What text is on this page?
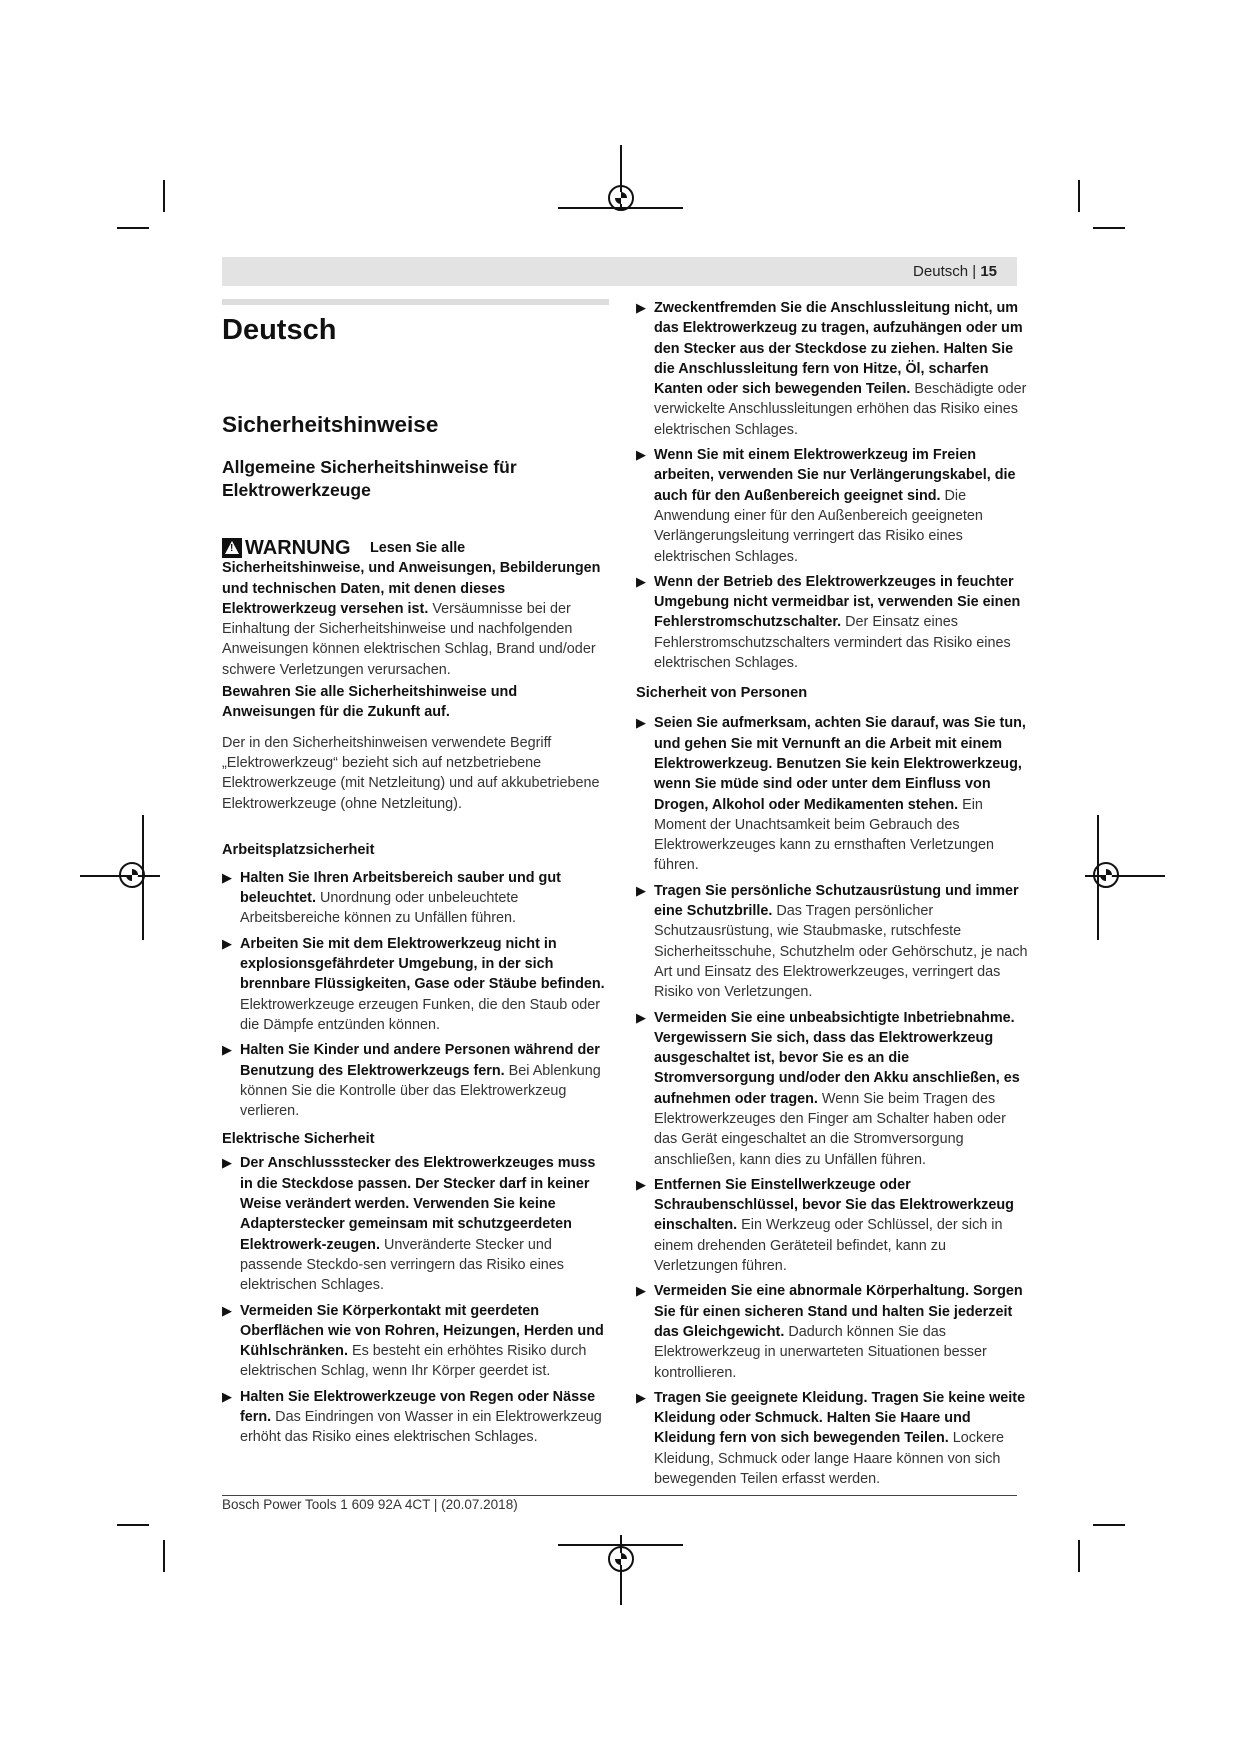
Deutsch | 15
Deutsch
Sicherheitshinweise
Allgemeine Sicherheitshinweise für Elektrowerkzeuge
!
WARNUNG	Lesen Sie alle Sicherheitshinweise, und Anweisungen, Bebilderungen und technischen Daten, mit denen dieses Elektrowerkzeug versehen ist. Versäumnisse bei der Einhaltung der Sicherheitshinweise und nachfolgenden Anweisungen können elektrischen Schlag, Brand und/oder schwere Verletzungen verursachen.

Bewahren Sie alle Sicherheitshinweise und Anweisungen für die Zukunft auf.

Der in den Sicherheitshinweisen verwendete Begriff „Elektrowerkzeug“ bezieht sich auf netzbetriebene Elektrowerkzeuge (mit Netzleitung) und auf akkubetriebene Elektrowerkzeuge (ohne Netzleitung).

Arbeitsplatzsicherheit
▶ Halten Sie Ihren Arbeitsbereich sauber und gut beleuchtet. Unordnung oder unbeleuchtete Arbeitsbereiche können zu Unfällen führen.
▶ Arbeiten Sie mit dem Elektrowerkzeug nicht in explosionsgefährdeter Umgebung, in der sich brennbare Flüssigkeiten, Gase oder Stäube befinden. Elektrowerkzeuge erzeugen Funken, die den Staub oder die Dämpfe entzünden können.
▶ Halten Sie Kinder und andere Personen während der Benutzung des Elektrowerkzeugs fern. Bei Ablenkung können Sie die Kontrolle über das Elektrowerkzeug verlieren.
Elektrische Sicherheit
▶ Der Anschlussstecker des Elektrowerkzeuges muss in die Steckdose passen. Der Stecker darf in keiner Weise verändert werden. Verwenden Sie keine Adapterstecker gemeinsam mit schutzgeerdeten Elektrowerk-zeugen. Unveränderte Stecker und passende Steckdo-sen verringern das Risiko eines elektrischen Schlages.
▶ Vermeiden Sie Körperkontakt mit geerdeten Oberflächen wie von Rohren, Heizungen, Herden und Kühlschränken. Es besteht ein erhöhtes Risiko durch elektrischen Schlag, wenn Ihr Körper geerdet ist.
▶ Halten Sie Elektrowerkzeuge von Regen oder Nässe fern. Das Eindringen von Wasser in ein Elektrowerkzeug erhöht das Risiko eines elektrischen Schlages.
▶ Zweckentfremden Sie die Anschlussleitung nicht, um das Elektrowerkzeug zu tragen, aufzuhängen oder um den Stecker aus der Steckdose zu ziehen. Halten Sie die Anschlussleitung fern von Hitze, Öl, scharfen Kanten oder sich bewegenden Teilen. Beschädigte oder verwickelte Anschlussleitungen erhöhen das Risiko eines elektrischen Schlages.
▶ Wenn Sie mit einem Elektrowerkzeug im Freien arbeiten, verwenden Sie nur Verlängerungskabel, die auch für den Außenbereich geeignet sind. Die Anwendung einer für den Außenbereich geeigneten Verlängerungsleitung verringert das Risiko eines elektrischen Schlages.
▶ Wenn der Betrieb des Elektrowerkzeuges in feuchter Umgebung nicht vermeidbar ist, verwenden Sie einen Fehlerstromschutzschalter. Der Einsatz eines Fehlerstromschutzschalters vermindert das Risiko eines elektrischen Schlages.
Sicherheit von Personen
▶ Seien Sie aufmerksam, achten Sie darauf, was Sie tun, und gehen Sie mit Vernunft an die Arbeit mit einem Elektrowerkzeug. Benutzen Sie kein Elektrowerkzeug, wenn Sie müde sind oder unter dem Einfluss von Drogen, Alkohol oder Medikamenten stehen. Ein Moment der Unachtsamkeit beim Gebrauch des Elektrowerkzeuges kann zu ernsthaften Verletzungen führen.
▶ Tragen Sie persönliche Schutzausrüstung und immer eine Schutzbrille. Das Tragen persönlicher Schutzausrüstung, wie Staubmaske, rutschfeste Sicherheitsschuhe, Schutzhelm oder Gehörschutz, je nach Art und Einsatz des Elektrowerkzeuges, verringert das Risiko von Verletzungen.
▶ Vermeiden Sie eine unbeabsichtigte Inbetriebnahme. Vergewissern Sie sich, dass das Elektrowerkzeug ausgeschaltet ist, bevor Sie es an die Stromversorgung und/oder den Akku anschließen, es aufnehmen oder tragen. Wenn Sie beim Tragen des Elektrowerkzeuges den Finger am Schalter haben oder das Gerät eingeschaltet an die Stromversorgung anschließen, kann dies zu Unfällen führen.
▶ Entfernen Sie Einstellwerkzeuge oder Schraubenschlüssel, bevor Sie das Elektrowerkzeug einschalten. Ein Werkzeug oder Schlüssel, der sich in einem drehenden Geräteteil befindet, kann zu Verletzungen führen.
▶ Vermeiden Sie eine abnormale Körperhaltung. Sorgen Sie für einen sicheren Stand und halten Sie jederzeit das Gleichgewicht. Dadurch können Sie das Elektrowerkzeug in unerwarteten Situationen besser kontrollieren.
▶ Tragen Sie geeignete Kleidung. Tragen Sie keine weite Kleidung oder Schmuck. Halten Sie Haare und Kleidung fern von sich bewegenden Teilen. Lockere Kleidung, Schmuck oder lange Haare können von sich bewegenden Teilen erfasst werden.
Bosch Power Tools 1 609 92A 4CT | (20.07.2018)
